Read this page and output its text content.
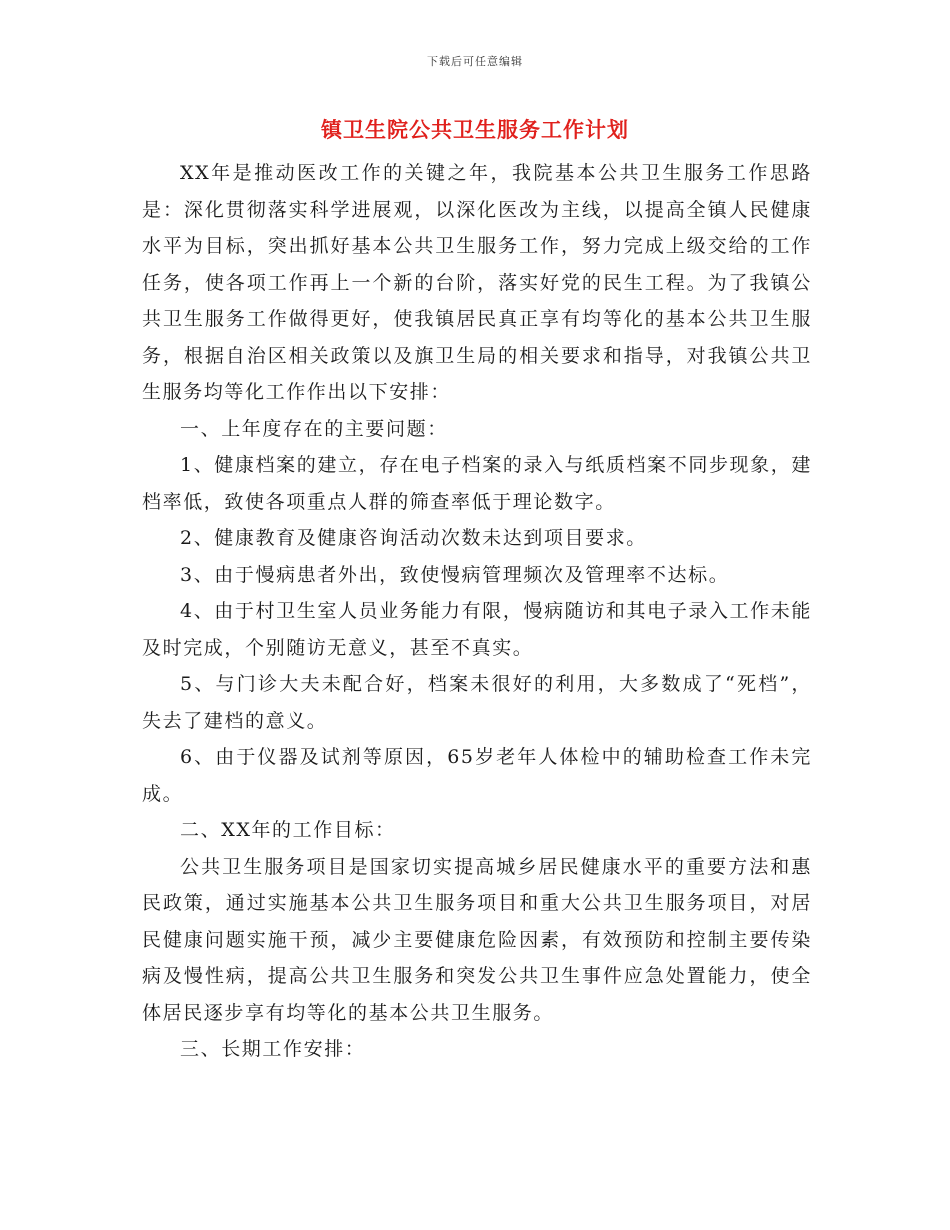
下载后可任意编辑
镇卫生院公共卫生服务工作计划

XX年是推动医改工作的关键之年，我院基本公共卫生服务工作思路是：深化贯彻落实科学进展观，以深化医改为主线，以提高全镇人民健康水平为目标，突出抓好基本公共卫生服务工作，努力完成上级交给的工作任务，使各项工作再上一个新的台阶，落实好党的民生工程。为了我镇公共卫生服务工作做得更好，使我镇居民真正享有均等化的基本公共卫生服务，根据自治区相关政策以及旗卫生局的相关要求和指导，对我镇公共卫生服务均等化工作作出以下安排：

一、上年度存在的主要问题：

1、健康档案的建立，存在电子档案的录入与纸质档案不同步现象，建档率低，致使各项重点人群的筛查率低于理论数字。

2、健康教育及健康咨询活动次数未达到项目要求。

3、由于慢病患者外出，致使慢病管理频次及管理率不达标。

4、由于村卫生室人员业务能力有限，慢病随访和其电子录入工作未能及时完成，个别随访无意义，甚至不真实。

5、与门诊大夫未配合好，档案未很好的利用，大多数成了“死档”，失去了建档的意义。

6、由于仪器及试剂等原因，65岁老年人体检中的辅助检查工作未完成。

二、XX年的工作目标：

公共卫生服务项目是国家切实提高城乡居民健康水平的重要方法和惠民政策，通过实施基本公共卫生服务项目和重大公共卫生服务项目，对居民健康问题实施干预，减少主要健康危险因素，有效预防和控制主要传染病及慢性病，提高公共卫生服务和突发公共卫生事件应急处置能力，使全体居民逐步享有均等化的基本公共卫生服务。

三、长期工作安排：
